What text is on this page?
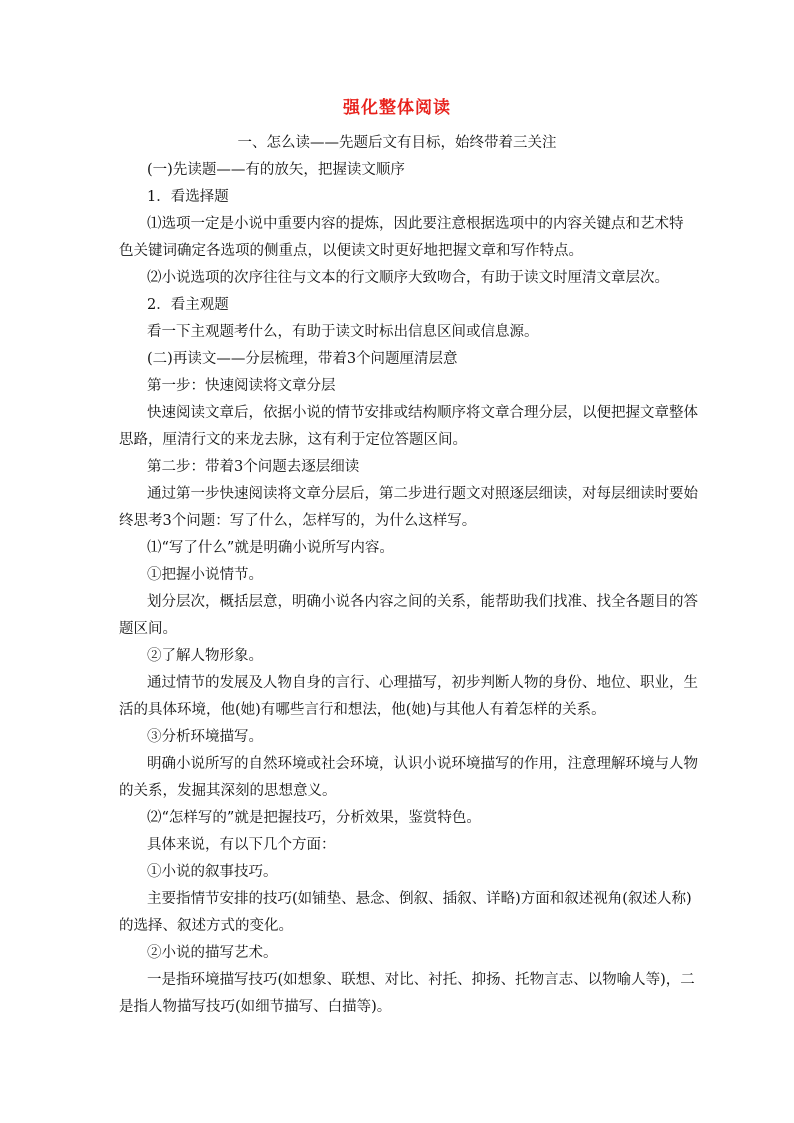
强化整体阅读
一、怎么读——先题后文有目标，始终带着三关注
(一)先读题——有的放矢，把握读文顺序
1．看选择题
⑴选项一定是小说中重要内容的提炼，因此要注意根据选项中的内容关键点和艺术特
色关键词确定各选项的侧重点，以便读文时更好地把握文章和写作特点。
⑵小说选项的次序往往与文本的行文顺序大致吻合，有助于读文时厘清文章层次。
2．看主观题
看一下主观题考什么，有助于读文时标出信息区间或信息源。
(二)再读文——分层梳理，带着3个问题厘清层意
第一步：快速阅读将文章分层
快速阅读文章后，依据小说的情节安排或结构顺序将文章合理分层，以便把握文章整体
思路，厘清行文的来龙去脉，这有利于定位答题区间。
第二步：带着3个问题去逐层细读
通过第一步快速阅读将文章分层后，第二步进行题文对照逐层细读，对每层细读时要始
终思考3个问题：写了什么，怎样写的，为什么这样写。
⑴“写了什么”就是明确小说所写内容。
①把握小说情节。
划分层次，概括层意，明确小说各内容之间的关系，能帮助我们找准、找全各题目的答
题区间。
②了解人物形象。
通过情节的发展及人物自身的言行、心理描写，初步判断人物的身份、地位、职业，生
活的具体环境，他(她)有哪些言行和想法，他(她)与其他人有着怎样的关系。
③分析环境描写。
明确小说所写的自然环境或社会环境，认识小说环境描写的作用，注意理解环境与人物
的关系，发掘其深刻的思想意义。
⑵“怎样写的”就是把握技巧，分析效果，鉴赏特色。
具体来说，有以下几个方面：
①小说的叙事技巧。
主要指情节安排的技巧(如铺垫、悬念、倒叙、插叙、详略)方面和叙述视角(叙述人称)
的选择、叙述方式的变化。
②小说的描写艺术。
一是指环境描写技巧(如想象、联想、对比、衬托、抑扬、托物言志、以物喻人等)，二
是指人物描写技巧(如细节描写、白描等)。
